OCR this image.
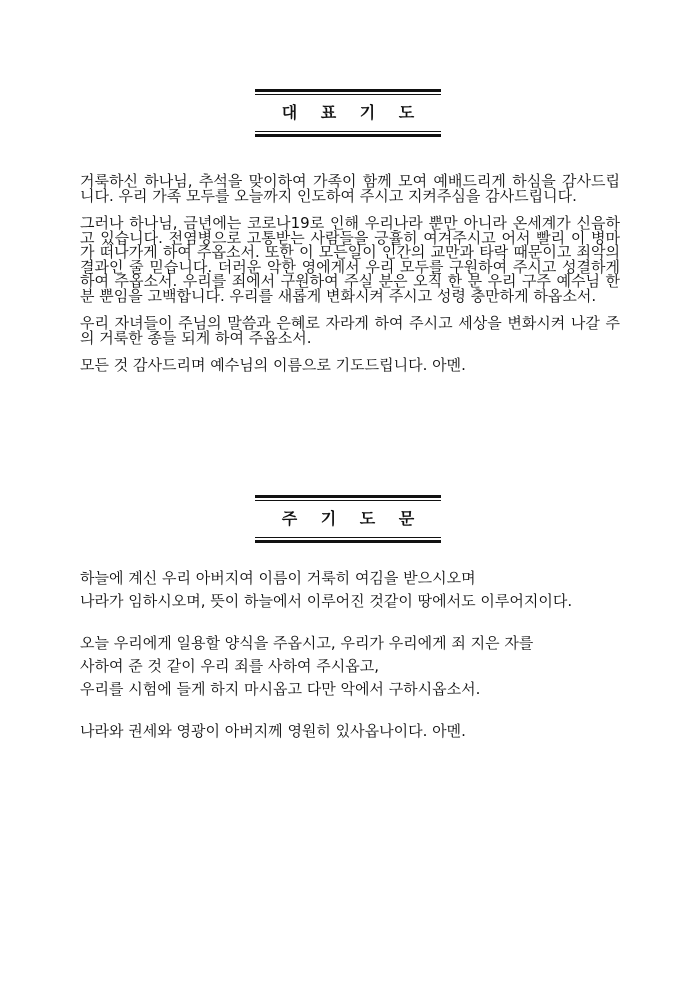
대 표 기 도

거룩하신 하나님, 추석을 맞이하여 가족이 함께 모여 예배드리게 하심을 감사드립니다. 우리 가족 모두를 오늘까지 인도하여 주시고 지켜주심을 감사드립니다.

그러나 하나님, 금년에는 코로나19로 인해 우리나라 뿐만 아니라 온세계가 신음하고 있습니다. 전염병으로 고통받는 사람들을 긍휼히 여겨주시고 어서 빨리 이 병마가 떠나가게 하여 주옵소서. 또한 이 모든일이 인간의 교만과 타락 때문이고 죄악의 결과인 줄 믿습니다. 더러운 악한 영에게서 우리 모두를 구원하여 주시고 성결하게 하여 주옵소서. 우리를 죄에서 구원하여 주실 분은 오직 한 분 우리 구주 예수님 한 분 뿐임을 고백합니다. 우리를 새롭게 변화시켜 주시고 성령 충만하게 하옵소서.

우리 자녀들이 주님의 말씀과 은혜로 자라게 하여 주시고 세상을 변화시켜 나갈 주의 거룩한 종들 되게 하여 주옵소서.

모든 것 감사드리며 예수님의 이름으로 기도드립니다. 아멘.

주 기 도 문

하늘에 계신 우리 아버지여 이름이 거룩히 여김을 받으시오며

나라가 임하시오며, 뜻이 하늘에서 이루어진 것같이 땅에서도 이루어지이다.

오늘 우리에게 일용할 양식을 주옵시고, 우리가 우리에게 죄 지은 자를

사하여 준 것 같이 우리 죄를 사하여 주시옵고,

우리를 시험에 들게 하지 마시옵고 다만 악에서 구하시옵소서.

나라와 권세와 영광이 아버지께 영원히 있사옵나이다. 아멘.
